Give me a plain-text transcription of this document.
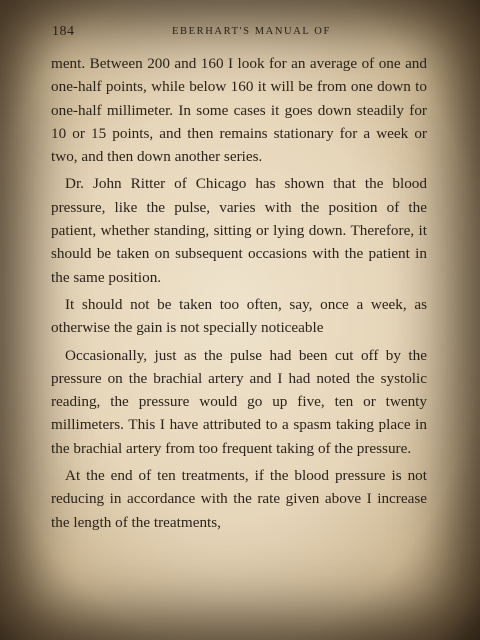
184	EBERHART'S MANUAL OF

ment. Between 200 and 160 I look for an average of one and one-half points, while below 160 it will be from one down to one-half millimeter. In some cases it goes down steadily for 10 or 15 points, and then remains stationary for a week or two, and then down another series.

Dr. John Ritter of Chicago has shown that the blood pressure, like the pulse, varies with the position of the patient, whether standing, sitting or lying down. Therefore, it should be taken on subsequent occasions with the patient in the same position.

It should not be taken too often, say, once a week, as otherwise the gain is not specially noticeable

Occasionally, just as the pulse had been cut off by the pressure on the brachial artery and I had noted the systolic reading, the pressure would go up five, ten or twenty millimeters. This I have attributed to a spasm taking place in the brachial artery from too frequent taking of the pressure.

At the end of ten treatments, if the blood pressure is not reducing in accordance with the rate given above I increase the length of the treatments,
